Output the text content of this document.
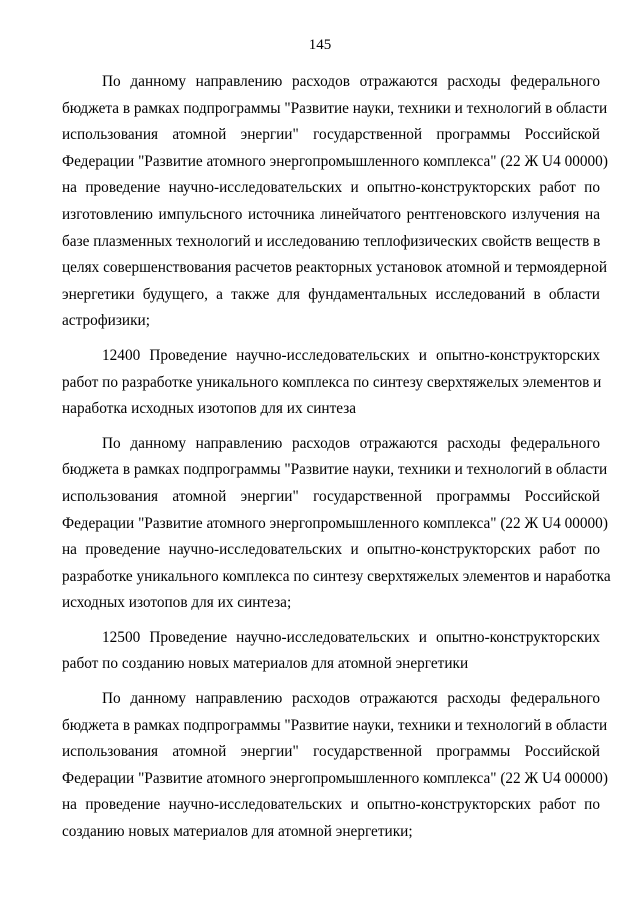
145
По данному направлению расходов отражаются расходы федерального
бюджета в рамках подпрограммы "Развитие науки, техники и технологий в области
использования атомной энергии" государственной программы Российской
Федерации "Развитие атомного энергопромышленного комплекса" (22 Ж U4 00000)
на проведение научно-исследовательских и опытно-конструкторских работ по
изготовлению импульсного источника линейчатого рентгеновского излучения на
базе плазменных технологий и исследованию теплофизических свойств веществ в
целях совершенствования расчетов реакторных установок атомной и термоядерной
энергетики будущего, а также для фундаментальных исследований в области
астрофизики;
12400 Проведение научно-исследовательских и опытно-конструкторских
работ по разработке уникального комплекса по синтезу сверхтяжелых элементов и
наработка исходных изотопов для их синтеза
По данному направлению расходов отражаются расходы федерального
бюджета в рамках подпрограммы "Развитие науки, техники и технологий в области
использования атомной энергии" государственной программы Российской
Федерации "Развитие атомного энергопромышленного комплекса" (22 Ж U4 00000)
на проведение научно-исследовательских и опытно-конструкторских работ по
разработке уникального комплекса по синтезу сверхтяжелых элементов и наработка
исходных изотопов для их синтеза;
12500 Проведение научно-исследовательских и опытно-конструкторских
работ по созданию новых материалов для атомной энергетики
По данному направлению расходов отражаются расходы федерального
бюджета в рамках подпрограммы "Развитие науки, техники и технологий в области
использования атомной энергии" государственной программы Российской
Федерации "Развитие атомного энергопромышленного комплекса" (22 Ж U4 00000)
на проведение научно-исследовательских и опытно-конструкторских работ по
созданию новых материалов для атомной энергетики;
